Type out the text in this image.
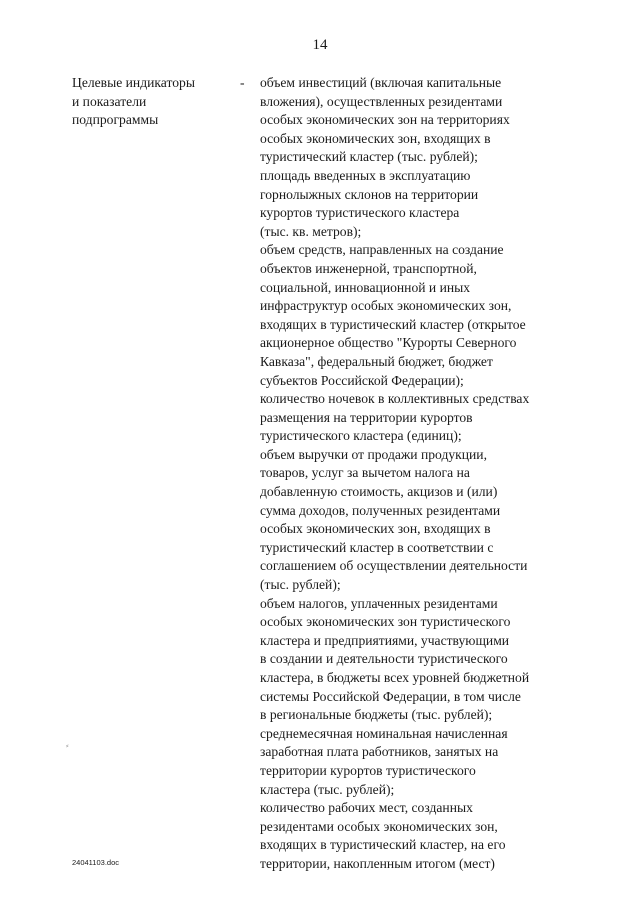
14
Целевые индикаторы
и показатели
подпрограммы
- объем инвестиций (включая капитальные
вложения), осуществленных резидентами
особых экономических зон на территориях
особых экономических зон, входящих в
туристический кластер (тыс. рублей);
площадь введенных в эксплуатацию
горнолыжных склонов на территории
курортов туристического кластера
(тыс. кв. метров);
объем средств, направленных на создание
объектов инженерной, транспортной,
социальной, инновационной и иных
инфраструктур особых экономических зон,
входящих в туристический кластер (открытое
акционерное общество "Курорты Северного
Кавказа", федеральный бюджет, бюджет
субъектов Российской Федерации);
количество ночевок в коллективных средствах
размещения на территории курортов
туристического кластера (единиц);
объем выручки от продажи продукции,
товаров, услуг за вычетом налога на
добавленную стоимость, акцизов и (или)
сумма доходов, полученных резидентами
особых экономических зон, входящих в
туристический кластер в соответствии с
соглашением об осуществлении деятельности
(тыс. рублей);
объем налогов, уплаченных резидентами
особых экономических зон туристического
кластера и предприятиями, участвующими
в создании и деятельности туристического
кластера, в бюджеты всех уровней бюджетной
системы Российской Федерации, в том числе
в региональные бюджеты (тыс. рублей);
среднемесячная номинальная начисленная
заработная плата работников, занятых на
территории курортов туристического
кластера (тыс. рублей);
количество рабочих мест, созданных
резидентами особых экономических зон,
входящих в туристический кластер, на его
территории, накопленным итогом (мест)
⸗
24041103.doc
